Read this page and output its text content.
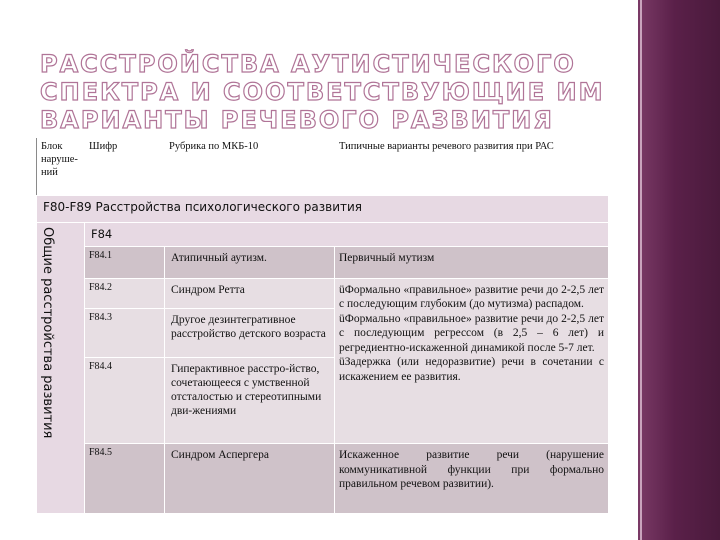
РАССТРОЙСТВА АУТИСТИЧЕСКОГО СПЕКТРА И СООТВЕТСТВУЮЩИЕ ИМ ВАРИАНТЫ РЕЧЕВОГО РАЗВИТИЯ
Блок наруше-ний	Шифр	Рубрика по МКБ-10	Типичные варианты речевого развития при РАС
F80-F89 Расстройства психологического развития			

Общие расстройства развития	F84		
	F84.1	Атипичный аутизм.	Первичный мутизм
	F84.2	Синдром Ретта	üФормально «правильное» развитие речи до 2-2,5 лет с последующим глубоким (до мутизма) распадом.
üФормально «правильное» развитие речи до 2-2,5 лет с последующим регрессом (в 2,5 – 6 лет) и регредиентно-искаженной динамикой после 5-7 лет.
üЗадержка (или недоразвитие) речи в сочетании с искажением ее развития.

	F84.3	Другое дезинтегративное расстройство детского возраста	
	F84.4	Гиперактивное расстро-йство, сочетающееся с умственной отсталостью и стереотипными дви-жениями	
	F84.5	Синдром Аспергера	Искаженное развитие речи (нарушение коммуникативной функции при формально правильном речевом развитии).
